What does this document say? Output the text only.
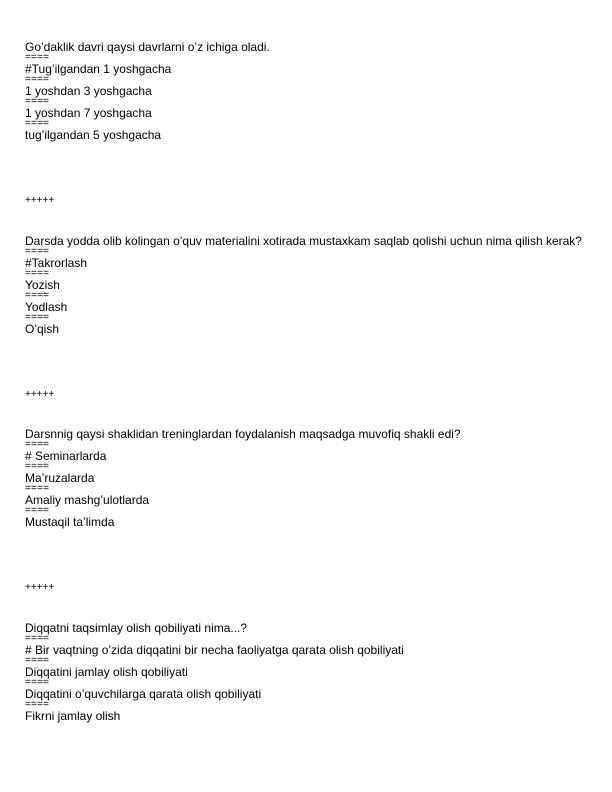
Go’daklik davri qaysi davrlarni o’z ichiga oladi.
====
#Tug’ilgandan 1 yoshgacha
====
1 yoshdan 3 yoshgacha
====
1 yoshdan 7 yoshgacha
====
tug’ilgandan 5 yoshgacha
+++++
Darsda yodda olib kolingan o’quv materialini xotirada mustaxkam saqlab qolishi uchun nima qilish kerak?
====
#Takrorlash
====
Yozish
====
Yodlash
====
O’qish
+++++
Darsnnig qaysi shaklidan treninglardan foydalanish maqsadga muvofiq shakli edi?
====
# Seminarlarda
====
Ma’ruzalarda
====
Amaliy mashg’ulotlarda
====
Mustaqil ta’limda
+++++
Diqqatni taqsimlay olish qobiliyati nima...?
====
# Bir vaqtning o’zida diqqatini bir necha faoliyatga qarata olish qobiliyati
====
Diqqatini jamlay olish qobiliyati
====
Diqqatini o’quvchilarga qarata olish qobiliyati
====
Fikrni jamlay olish
